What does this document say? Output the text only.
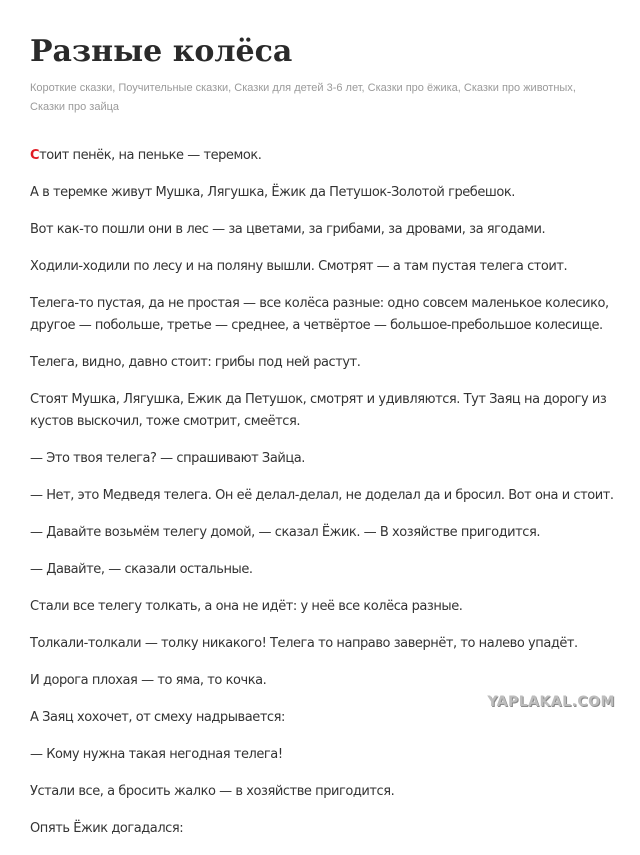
Разные колёса
Короткие сказки, Поучительные сказки, Сказки для детей 3-6 лет, Сказки про ёжика, Сказки про животных, Сказки про зайца

Стоит пенёк, на пеньке — теремок.

А в теремке живут Мушка, Лягушка, Ёжик да Петушок-Золотой гребешок.

Вот как-то пошли они в лес — за цветами, за грибами, за дровами, за ягодами.

Ходили-ходили по лесу и на поляну вышли. Смотрят — а там пустая телега стоит.

Телега-то пустая, да не простая — все колёса разные: одно совсем маленькое колесико, другое — побольше, третье — среднее, а четвёртое — большое-пребольшое колесище.

Телега, видно, давно стоит: грибы под ней растут.

Стоят Мушка, Лягушка, Ежик да Петушок, смотрят и удивляются. Тут Заяц на дорогу из кустов выскочил, тоже смотрит, смеётся.

— Это твоя телега? — спрашивают Зайца.

— Нет, это Медведя телега. Он её делал-делал, не доделал да и бросил. Вот она и стоит.

— Давайте возьмём телегу домой, — сказал Ёжик. — В хозяйстве пригодится.

— Давайте, — сказали остальные.

Стали все телегу толкать, а она не идёт: у неё все колёса разные.

Толкали-толкали — толку никакого! Телега то направо завернёт, то налево упадёт.

И дорога плохая — то яма, то кочка.

А Заяц хохочет, от смеху надрывается:

— Кому нужна такая негодная телега!

Устали все, а бросить жалко — в хозяйстве пригодится.

Опять Ёжик догадался:

YAPLAKAL.COM
